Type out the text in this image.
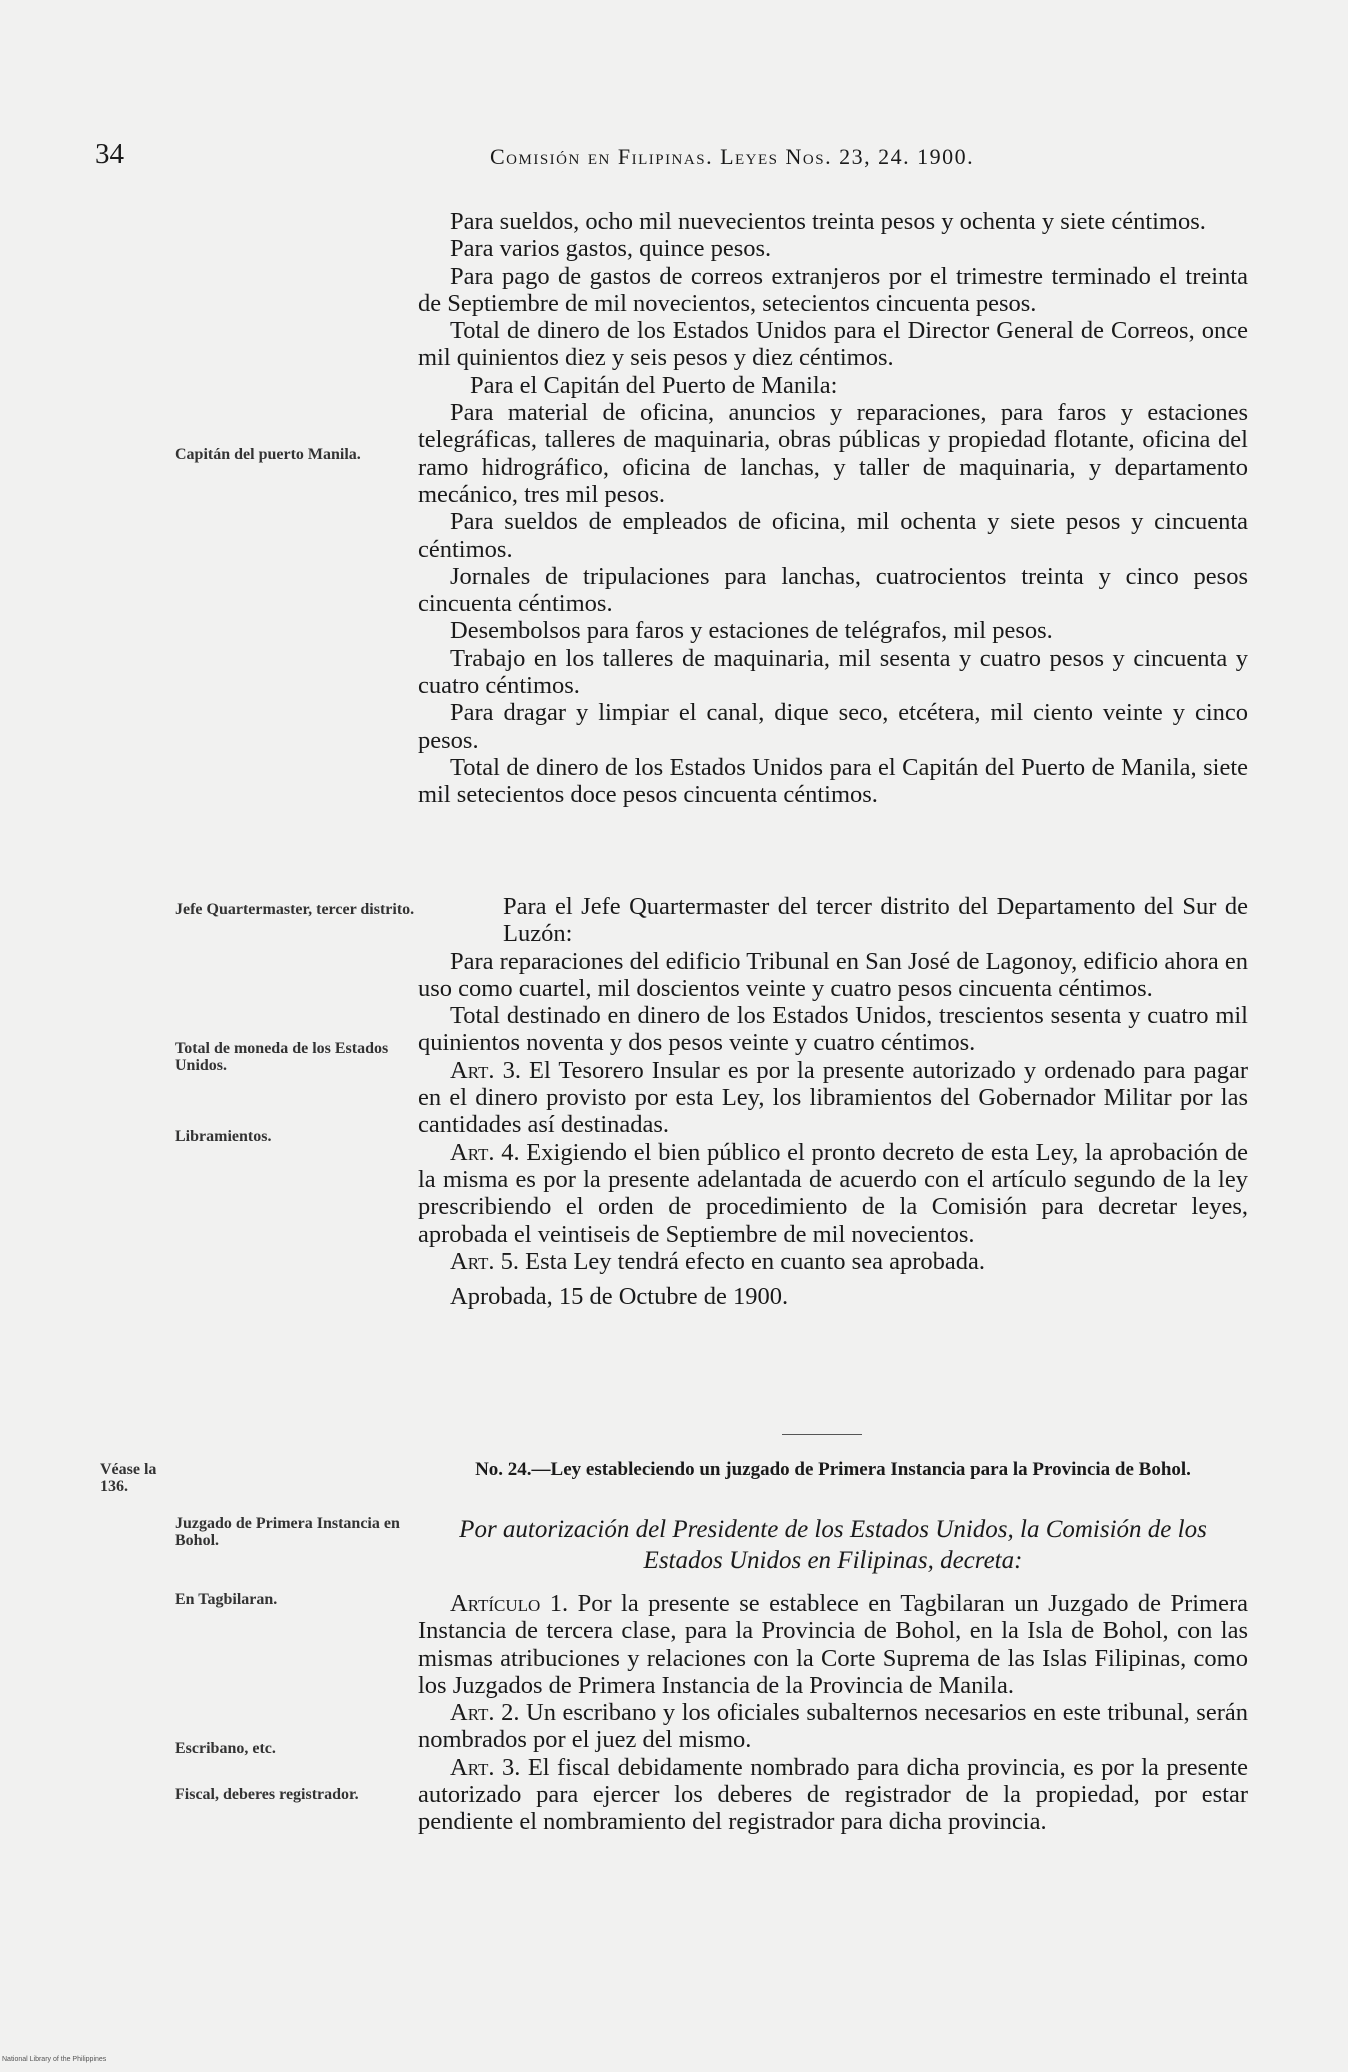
34	Comisión en Filipinas. Leyes Nos. 23, 24. 1900.
Capitán del puerto Manila.
Jefe Quartermaster, tercer distrito.
Total de moneda de los Estados Unidos.
Libramientos.
Véase la 136.
Juzgado de Primera Instancia en Bohol.
En Tagbilaran.
Escribano, etc.
Fiscal, deberes registrador.

Para sueldos, ocho mil nuevecientos treinta pesos y ochenta y siete céntimos.

Para varios gastos, quince pesos.

Para pago de gastos de correos extranjeros por el trimestre terminado el treinta de Septiembre de mil novecientos, setecientos cincuenta pesos.

Total de dinero de los Estados Unidos para el Director General de Correos, once mil quinientos diez y seis pesos y diez céntimos.

Para el Capitán del Puerto de Manila:

Para material de oficina, anuncios y reparaciones, para faros y estaciones telegráficas, talleres de maquinaria, obras públicas y propiedad flotante, oficina del ramo hidrográfico, oficina de lanchas, y taller de maquinaria, y departamento mecánico, tres mil pesos.

Para sueldos de empleados de oficina, mil ochenta y siete pesos y cincuenta céntimos.

Jornales de tripulaciones para lanchas, cuatrocientos treinta y cinco pesos cincuenta céntimos.

Desembolsos para faros y estaciones de telégrafos, mil pesos.

Trabajo en los talleres de maquinaria, mil sesenta y cuatro pesos y cincuenta y cuatro céntimos.

Para dragar y limpiar el canal, dique seco, etcétera, mil ciento veinte y cinco pesos.

Total de dinero de los Estados Unidos para el Capitán del Puerto de Manila, siete mil setecientos doce pesos cincuenta céntimos.

Para el Jefe Quartermaster del tercer distrito del Departamento del Sur de Luzón:

Para reparaciones del edificio Tribunal en San José de Lagonoy, edificio ahora en uso como cuartel, mil doscientos veinte y cuatro pesos cincuenta céntimos.

Total destinado en dinero de los Estados Unidos, trescientos sesenta y cuatro mil quinientos noventa y dos pesos veinte y cuatro céntimos.

Art. 3. El Tesorero Insular es por la presente autorizado y ordenado para pagar en el dinero provisto por esta Ley, los libramientos del Gobernador Militar por las cantidades así destinadas.

Art. 4. Exigiendo el bien público el pronto decreto de esta Ley, la aprobación de la misma es por la presente adelantada de acuerdo con el artículo segundo de la ley prescribiendo el orden de procedimiento de la Comisión para decretar leyes, aprobada el veintiseis de Septiembre de mil novecientos.

Art. 5. Esta Ley tendrá efecto en cuanto sea aprobada.

Aprobada, 15 de Octubre de 1900.

No. 24.—Ley estableciendo un juzgado de Primera Instancia para la Provincia de Bohol.
Por autorización del Presidente de los Estados Unidos, la Comisión de los Estados Unidos en Filipinas, decreta:

Artículo 1. Por la presente se establece en Tagbilaran un Juzgado de Primera Instancia de tercera clase, para la Provincia de Bohol, en la Isla de Bohol, con las mismas atribuciones y relaciones con la Corte Suprema de las Islas Filipinas, como los Juzgados de Primera Instancia de la Provincia de Manila.

Art. 2. Un escribano y los oficiales subalternos necesarios en este tribunal, serán nombrados por el juez del mismo.

Art. 3. El fiscal debidamente nombrado para dicha provincia, es por la presente autorizado para ejercer los deberes de registrador de la propiedad, por estar pendiente el nombramiento del registrador para dicha provincia.

National Library of the Philippines
